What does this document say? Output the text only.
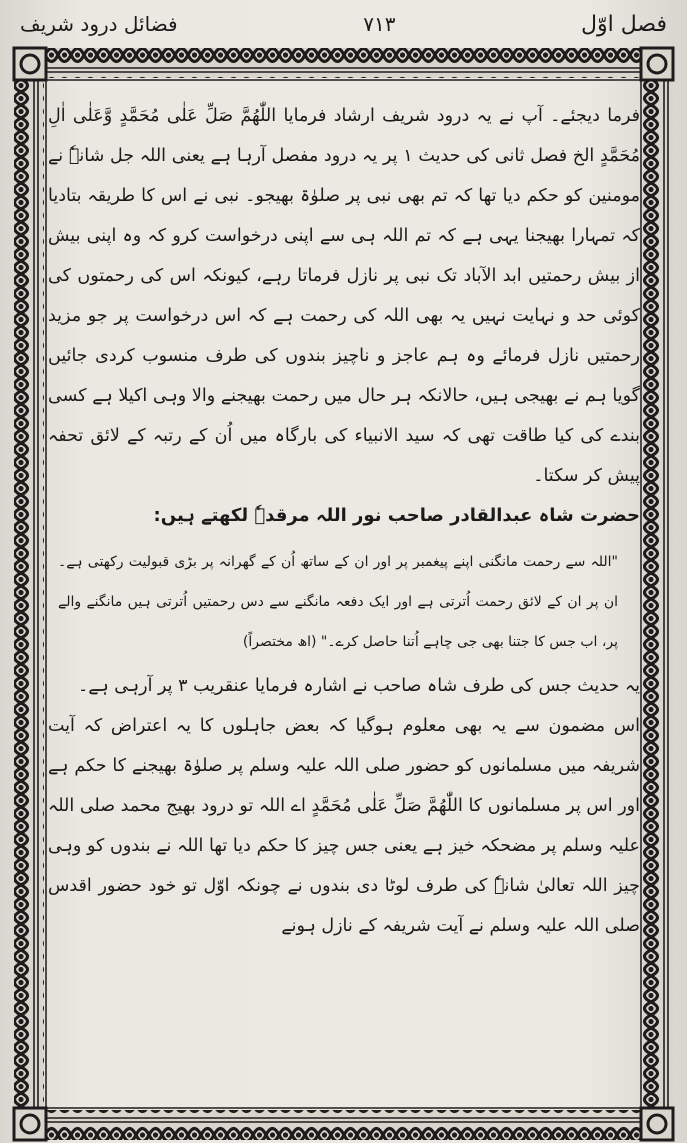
فصل اوّل
۷۱۳
فضائل درود شریف

فرما دیجئے۔ آپ نے یہ درود شریف ارشاد فرمایا اللّٰهُمَّ صَلِّ عَلٰى مُحَمَّدٍ وَّعَلٰى اٰلِ مُحَمَّدٍ الخ فصل ثانی کی حدیث ۱ پر یہ درود مفصل آرہا ہے یعنی اللہ جل شانہٗ نے مومنین کو حکم دیا تھا کہ تم بھی نبی پر صلوٰۃ بھیجو۔ نبی نے اس کا طریقہ بتادیا کہ تمہارا بھیجنا یہی ہے کہ تم اللہ ہی سے اپنی درخواست کرو کہ وہ اپنی بیش از بیش رحمتیں ابد الآباد تک نبی پر نازل فرماتا رہے، کیونکہ اس کی رحمتوں کی کوئی حد و نہایت نہیں یہ بھی اللہ کی رحمت ہے کہ اس درخواست پر جو مزید رحمتیں نازل فرمائے وہ ہم عاجز و ناچیز بندوں کی طرف منسوب کردی جائیں گویا ہم نے بھیجی ہیں، حالانکہ ہر حال میں رحمت بھیجنے والا وہی اکیلا ہے کسی بندے کی کیا طاقت تھی کہ سید الانبیاء کی بارگاہ میں اُن کے رتبہ کے لائق تحفہ پیش کر سکتا۔

حضرت شاہ عبدالقادر صاحب نور اللہ مرقدہٗ لکھتے ہیں:

"اللہ سے رحمت مانگنی اپنے پیغمبر پر اور ان کے ساتھ اُن کے گھرانہ پر بڑی قبولیت رکھتی ہے۔ ان پر ان کے لائق رحمت اُترتی ہے اور ایک دفعہ مانگنے سے دس رحمتیں اُترتی ہیں مانگنے والے پر، اب جس کا جتنا بھی جی چاہے اُتنا حاصل کرے۔" (اھ مختصراً)

یہ حدیث جس کی طرف شاہ صاحب نے اشارہ فرمایا عنقریب ۳ پر آرہی ہے۔

اس مضمون سے یہ بھی معلوم ہوگیا کہ بعض جاہلوں کا یہ اعتراض کہ آیت شریفہ میں مسلمانوں کو حضور صلی اللہ علیہ وسلم پر صلوٰۃ بھیجنے کا حکم ہے اور اس پر مسلمانوں کا اللّٰهُمَّ صَلِّ عَلٰى مُحَمَّدٍ اے اللہ تو درود بھیج محمد صلی اللہ علیہ وسلم پر مضحکہ خیز ہے یعنی جس چیز کا حکم دیا تھا اللہ نے بندوں کو وہی چیز اللہ تعالیٰ شانہٗ کی طرف لوٹا دی بندوں نے چونکہ اوّل تو خود حضور اقدس صلی اللہ علیہ وسلم نے آیت شریفہ کے نازل ہونے
